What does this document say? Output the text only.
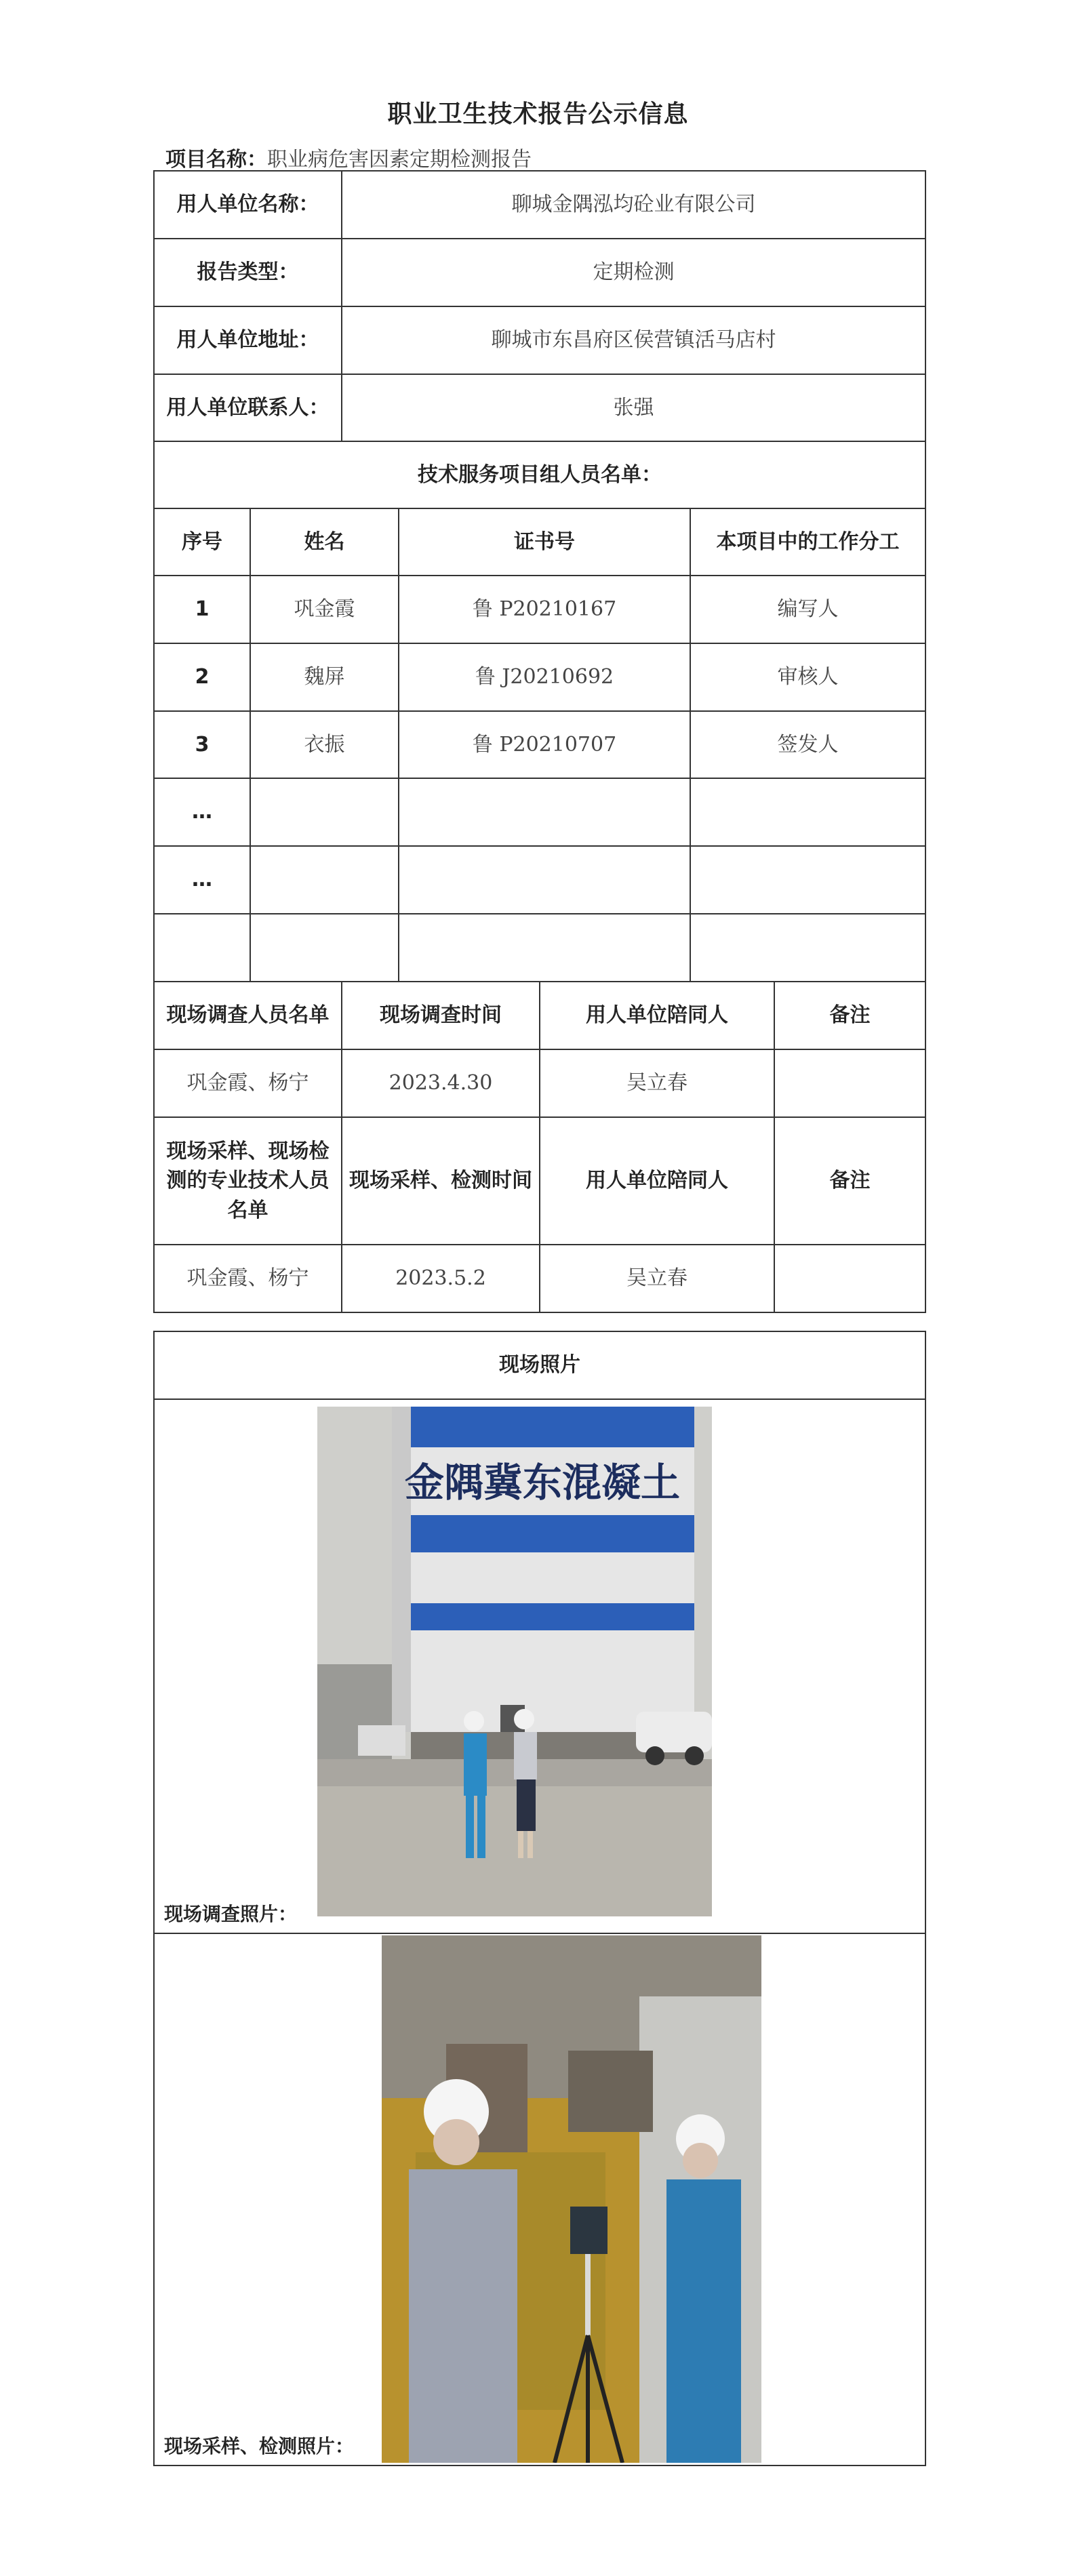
职业卫生技术报告公示信息
项目名称：职业病危害因素定期检测报告
用人单位名称：		聊城金隅泓均砼业有限公司				
报告类型：		定期检测				
用人单位地址：		聊城市东昌府区侯营镇活马店村				
用人单位联系人：		张强				
技术服务项目组人员名单：						
序号	姓名		证书号		本项目中的工作分工	
1	巩金霞		鲁 P20210167		编写人	
2	魏屏		鲁 J20210692		审核人	
3	衣振		鲁 P20210707		签发人	
…						
…						

现场调查人员名单		现场调查时间		用人单位陪同人		备注
巩金霞、杨宁		2023.4.30		吴立春		
现场采样、现场检测的专业技术人员名单		现场采样、检测时间		用人单位陪同人		备注
巩金霞、杨宁		2023.5.2		吴立春		
现场照片

金隅冀东混凝土
现场调查照片：

现场采样、检测照片：
